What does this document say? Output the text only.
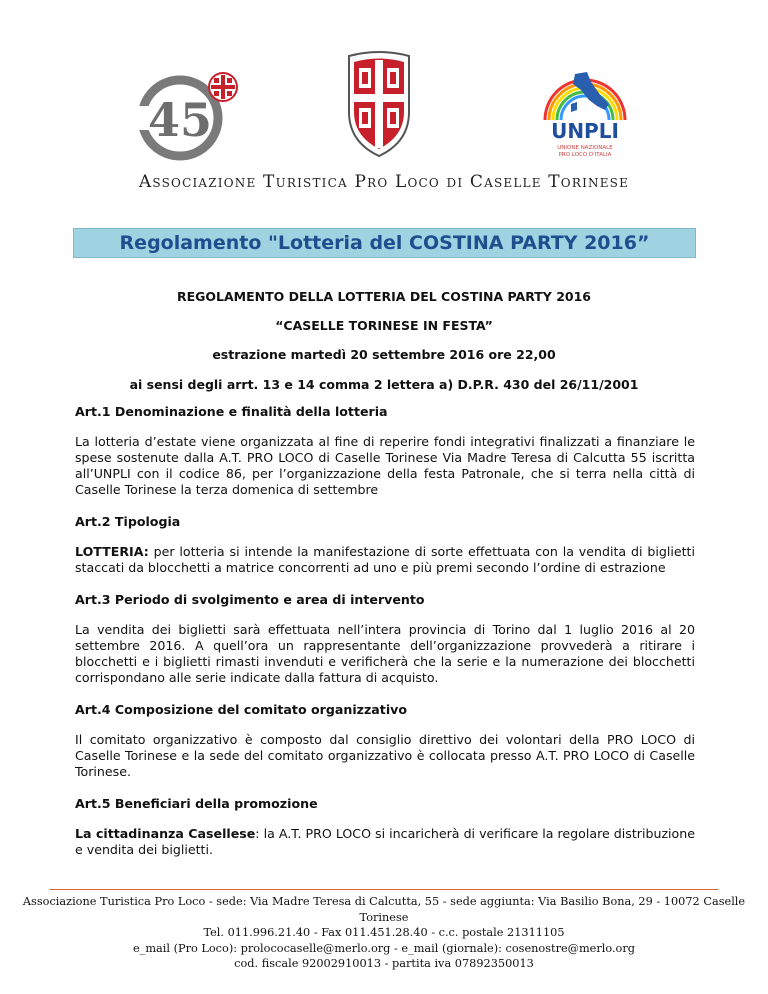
45	UNPLI
UNIONE NAZIONALE
PRO LOCO D'ITALIA
Associazione Turistica Pro Loco di Caselle Torinese
Regolamento "Lotteria del COSTINA PARTY 2016”
REGOLAMENTO DELLA LOTTERIA DEL COSTINA PARTY 2016
“CASELLE TORINESE IN FESTA”
estrazione martedì 20 settembre 2016 ore 22,00
ai sensi degli arrt. 13 e 14 comma 2 lettera a) D.P.R. 430 del 26/11/2001

Art.1 Denominazione e finalità della lotteria

La lotteria d’estate viene organizzata al fine di reperire fondi integrativi finalizzati a finanziare le spese sostenute dalla A.T. PRO LOCO di Caselle Torinese Via Madre Teresa di Calcutta 55 iscritta all’UNPLI con il codice 86, per l’organizzazione della festa Patronale, che si terra nella città di Caselle Torinese la terza domenica di settembre

Art.2 Tipologia

LOTTERIA: per lotteria si intende la manifestazione di sorte effettuata con la vendita di biglietti staccati da blocchetti a matrice concorrenti ad uno e più premi secondo l’ordine di estrazione

Art.3 Periodo di svolgimento e area di intervento

La vendita dei biglietti sarà effettuata nell’intera provincia di Torino dal 1 luglio 2016 al 20 settembre 2016. A quell’ora un rappresentante dell’organizzazione provvederà a ritirare i blocchetti e i biglietti rimasti invenduti e verificherà che la serie e la numerazione dei blocchetti corrispondano alle serie indicate dalla fattura di acquisto.

Art.4 Composizione del comitato organizzativo

Il comitato organizzativo è composto dal consiglio direttivo dei volontari della PRO LOCO di Caselle Torinese e la sede del comitato organizzativo è collocata presso A.T. PRO LOCO di Caselle Torinese.

Art.5 Beneficiari della promozione

La cittadinanza Casellese: la A.T. PRO LOCO si incaricherà di verificare la regolare distribuzione e vendita dei biglietti.

Associazione Turistica Pro Loco - sede: Via Madre Teresa di Calcutta, 55 - sede aggiunta: Via Basilio Bona, 29 - 10072 Caselle Torinese
Tel. 011.996.21.40 - Fax 011.451.28.40 - c.c. postale 21311105
e_mail (Pro Loco): prolococaselle@merlo.org - e_mail (giornale): cosenostre@merlo.org
cod. fiscale 92002910013 - partita iva 07892350013
